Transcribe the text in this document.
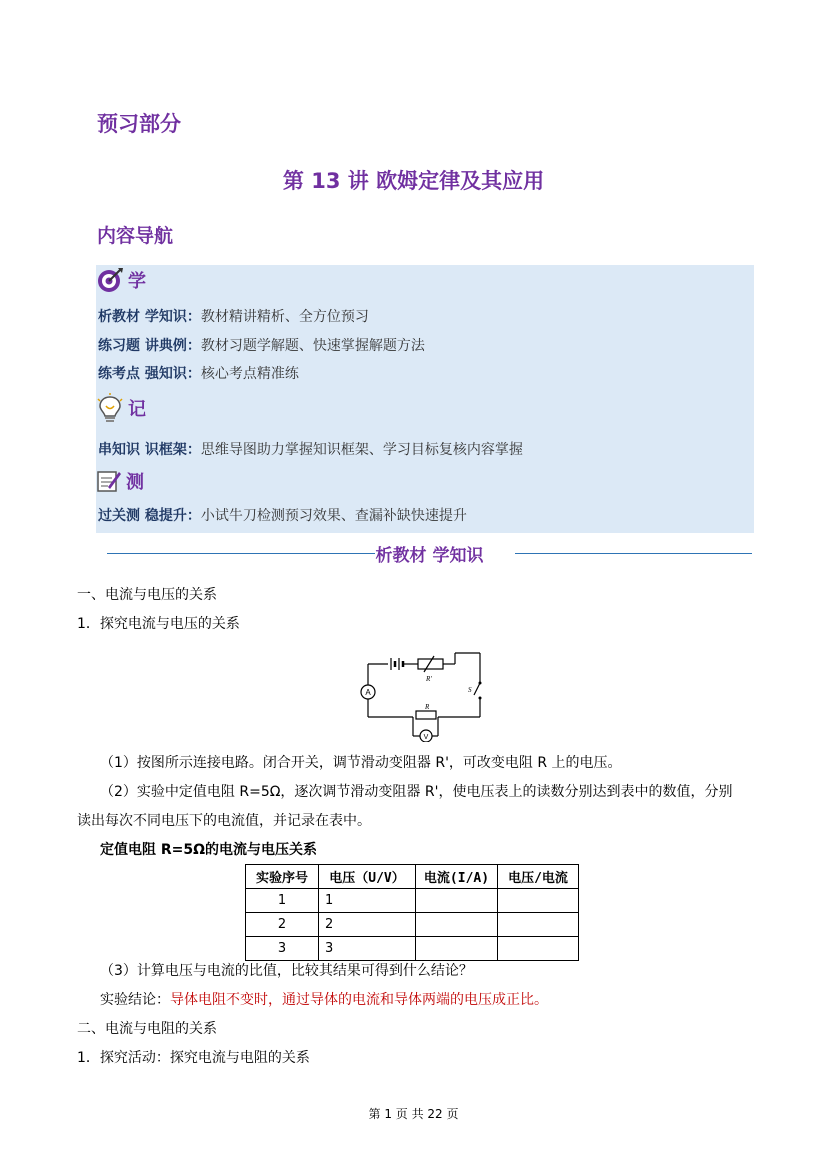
预习部分
第 13 讲 欧姆定律及其应用
内容导航
学
析教材 学知识：教材精讲精析、全方位预习
练习题 讲典例：教材习题学解题、快速掌握解题方法
练考点 强知识：核心考点精准练
记
串知识 识框架：思维导图助力掌握知识框架、学习目标复核内容掌握
测
过关测 稳提升：小试牛刀检测预习效果、查漏补缺快速提升
析教材 学知识
一、电流与电压的关系
1．探究电流与电压的关系
R'
A	S
R
V
（1）按图所示连接电路。闭合开关，调节滑动变阻器 R'，可改变电阻 R 上的电压。
（2）实验中定值电阻 R=5Ω，逐次调节滑动变阻器 R'，使电压表上的读数分别达到表中的数值，分别
读出每次不同电压下的电流值，并记录在表中。
定值电阻 R=5Ω的电流与电压关系
实验序号	电压（U/V）	电流(I/A)	电压/电流
1	1		
2	2		
3	3		
（3）计算电压与电流的比值，比较其结果可得到什么结论？
实验结论：导体电阻不变时，通过导体的电流和导体两端的电压成正比。
二、电流与电阻的关系
1．探究活动：探究电流与电阻的关系
第 1 页 共 22 页
